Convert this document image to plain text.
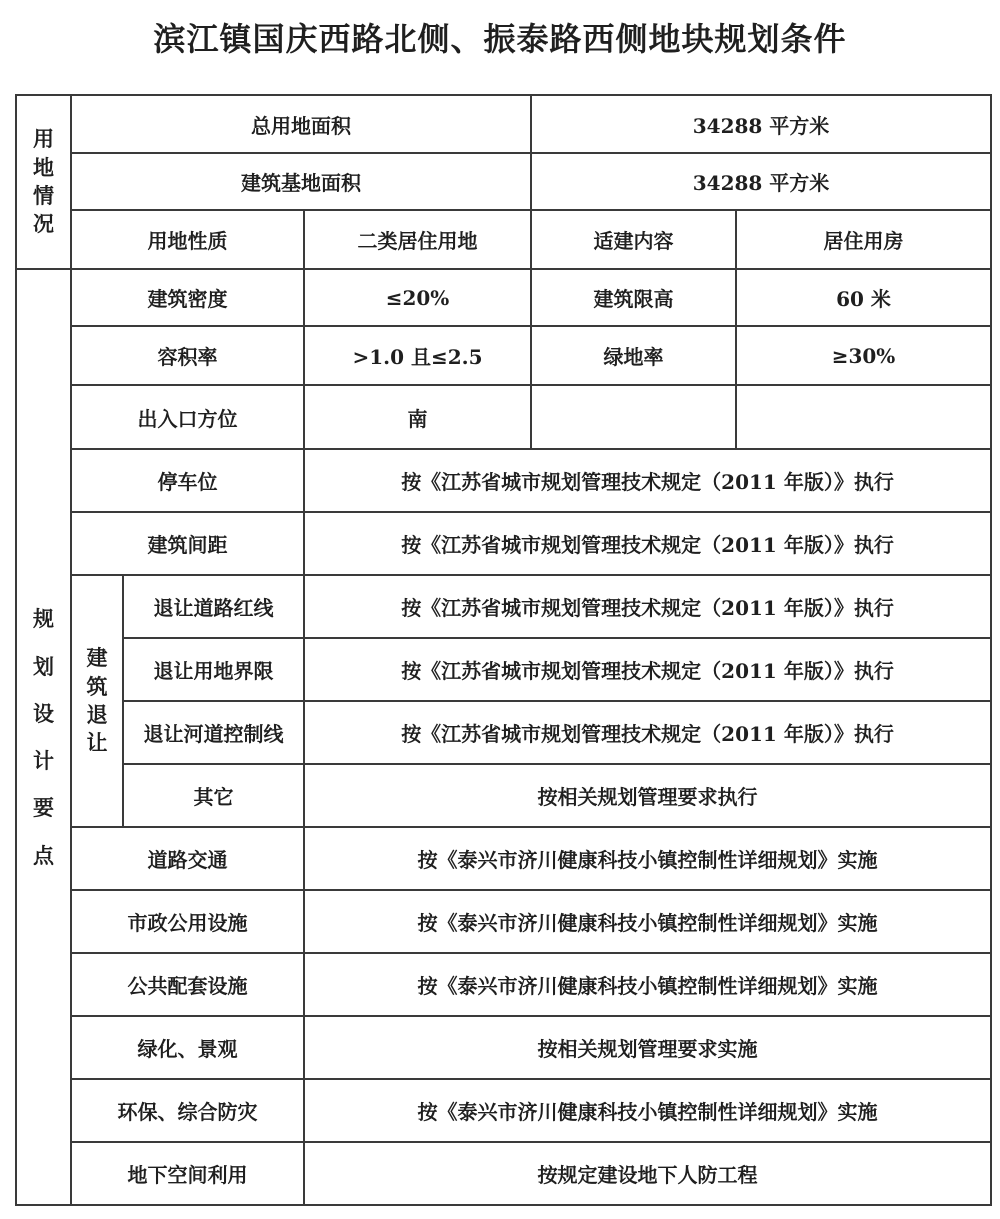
滨江镇国庆西路北侧、振泰路西侧地块规划条件
用地情况	总用地面积			34288 平方米	
	建筑基地面积			34288 平方米	
	用地性质		二类居住用地	适建内容	居住用房
规划设计要点	建筑密度		≤20%	建筑限高	60 米
	容积率		>1.0 且≤2.5	绿地率	≥30%
	出入口方位		南		
	停车位		按《江苏省城市规划管理技术规定（2011 年版）》执行		
	建筑间距		按《江苏省城市规划管理技术规定（2011 年版）》执行		
	建筑退让	退让道路红线	按《江苏省城市规划管理技术规定（2011 年版）》执行		
		退让用地界限	按《江苏省城市规划管理技术规定（2011 年版）》执行		
		退让河道控制线	按《江苏省城市规划管理技术规定（2011 年版）》执行		
		其它	按相关规划管理要求执行		
	道路交通		按《泰兴市济川健康科技小镇控制性详细规划》实施		
	市政公用设施		按《泰兴市济川健康科技小镇控制性详细规划》实施		
	公共配套设施		按《泰兴市济川健康科技小镇控制性详细规划》实施		
	绿化、景观		按相关规划管理要求实施		
	环保、综合防灾		按《泰兴市济川健康科技小镇控制性详细规划》实施		
	地下空间利用		按规定建设地下人防工程		
